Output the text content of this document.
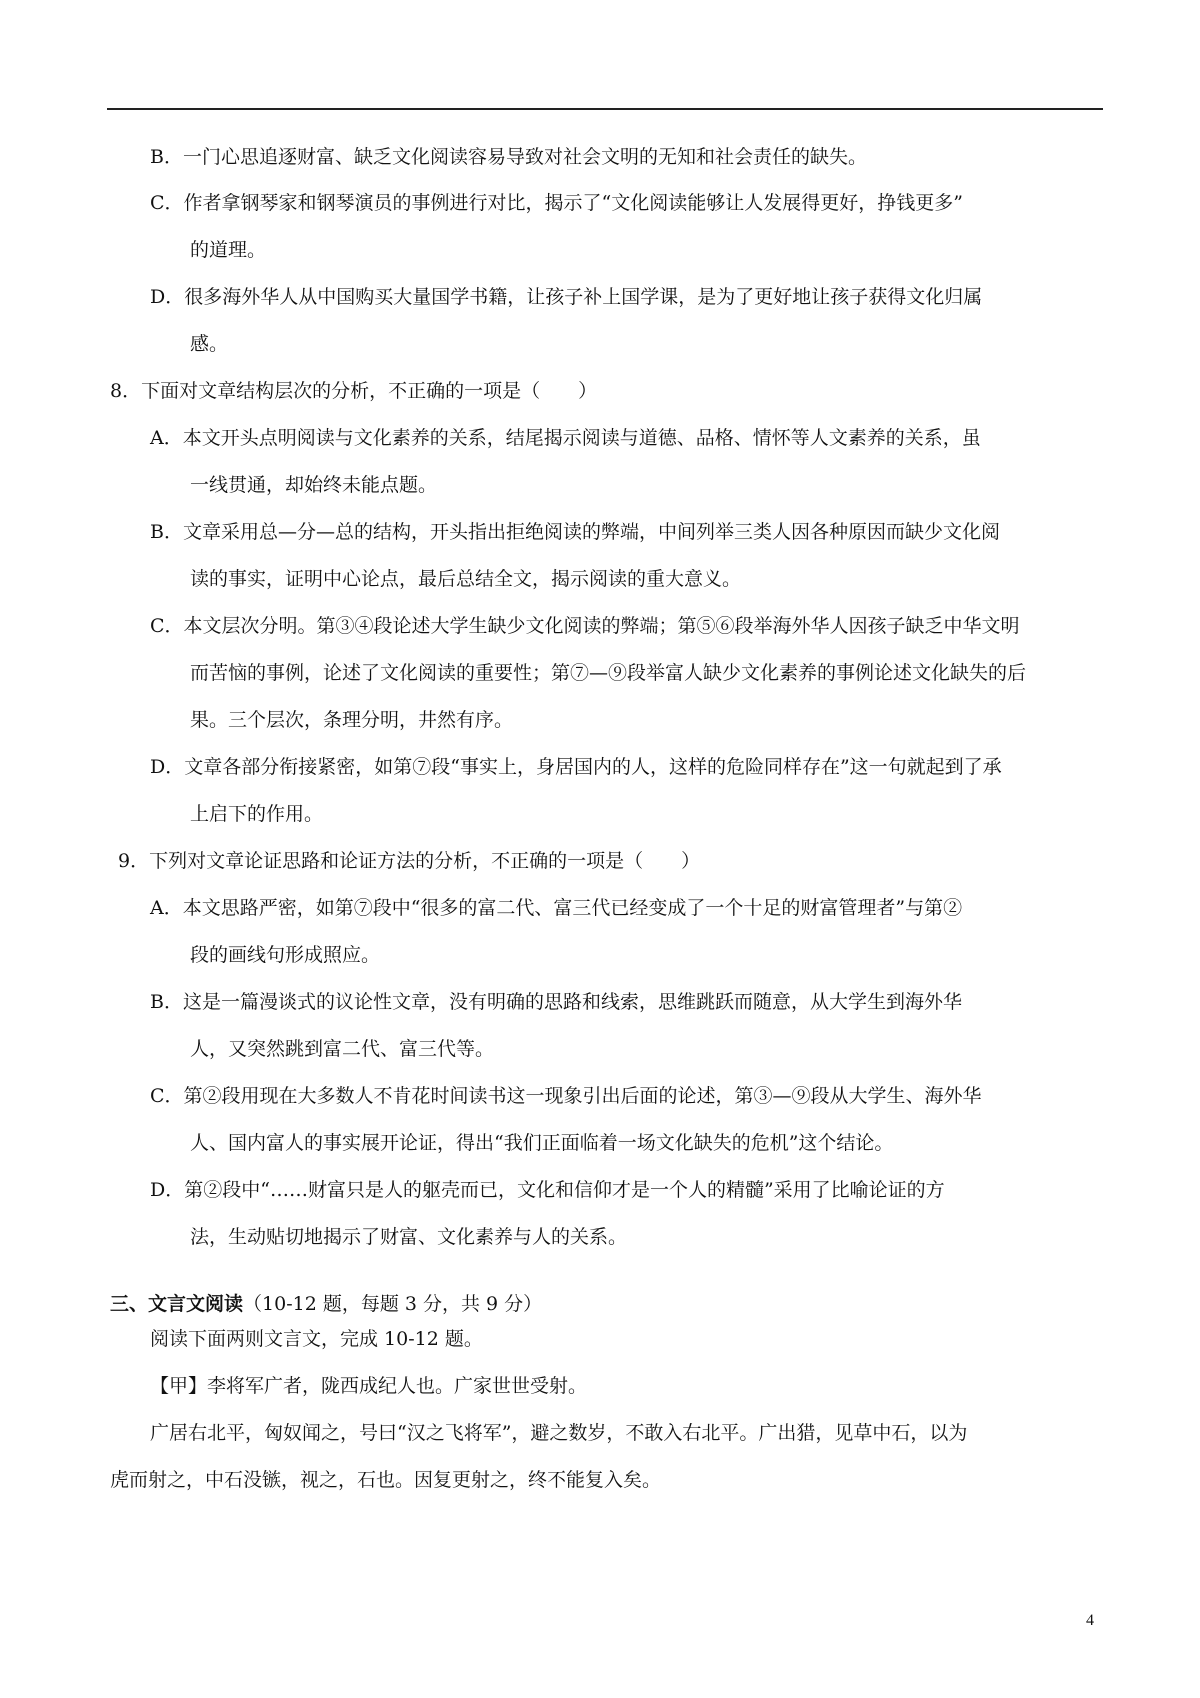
B．一门心思追逐财富、缺乏文化阅读容易导致对社会文明的无知和社会责任的缺失。
C．作者拿钢琴家和钢琴演员的事例进行对比，揭示了“文化阅读能够让人发展得更好，挣钱更多”
的道理。
D．很多海外华人从中国购买大量国学书籍，让孩子补上国学课，是为了更好地让孩子获得文化归属
感。
8．下面对文章结构层次的分析，不正确的一项是（　　）
A．本文开头点明阅读与文化素养的关系，结尾揭示阅读与道德、品格、情怀等人文素养的关系，虽
一线贯通，却始终未能点题。
B．文章采用总—分—总的结构，开头指出拒绝阅读的弊端，中间列举三类人因各种原因而缺少文化阅
读的事实，证明中心论点，最后总结全文，揭示阅读的重大意义。
C．本文层次分明。第③④段论述大学生缺少文化阅读的弊端；第⑤⑥段举海外华人因孩子缺乏中华文明
而苦恼的事例，论述了文化阅读的重要性；第⑦—⑨段举富人缺少文化素养的事例论述文化缺失的后
果。三个层次，条理分明，井然有序。
D．文章各部分衔接紧密，如第⑦段“事实上，身居国内的人，这样的危险同样存在”这一句就起到了承
上启下的作用。
9．下列对文章论证思路和论证方法的分析，不正确的一项是（　　）
A．本文思路严密，如第⑦段中“很多的富二代、富三代已经变成了一个十足的财富管理者”与第②
段的画线句形成照应。
B．这是一篇漫谈式的议论性文章，没有明确的思路和线索，思维跳跃而随意，从大学生到海外华
人，又突然跳到富二代、富三代等。
C．第②段用现在大多数人不肯花时间读书这一现象引出后面的论述，第③—⑨段从大学生、海外华
人、国内富人的事实展开论证，得出“我们正面临着一场文化缺失的危机”这个结论。
D．第②段中“……财富只是人的躯壳而已，文化和信仰才是一个人的精髓”采用了比喻论证的方
法，生动贴切地揭示了财富、文化素养与人的关系。
阅读下面两则文言文，完成 10-12 题。
【甲】李将军广者，陇西成纪人也。广家世世受射。
广居右北平，匈奴闻之，号曰“汉之飞将军”，避之数岁，不敢入右北平。广出猎，见草中石，以为
虎而射之，中石没镞，视之，石也。因复更射之，终不能复入矣。
三、文言文阅读（10-12 题，每题 3 分，共 9 分）
4
